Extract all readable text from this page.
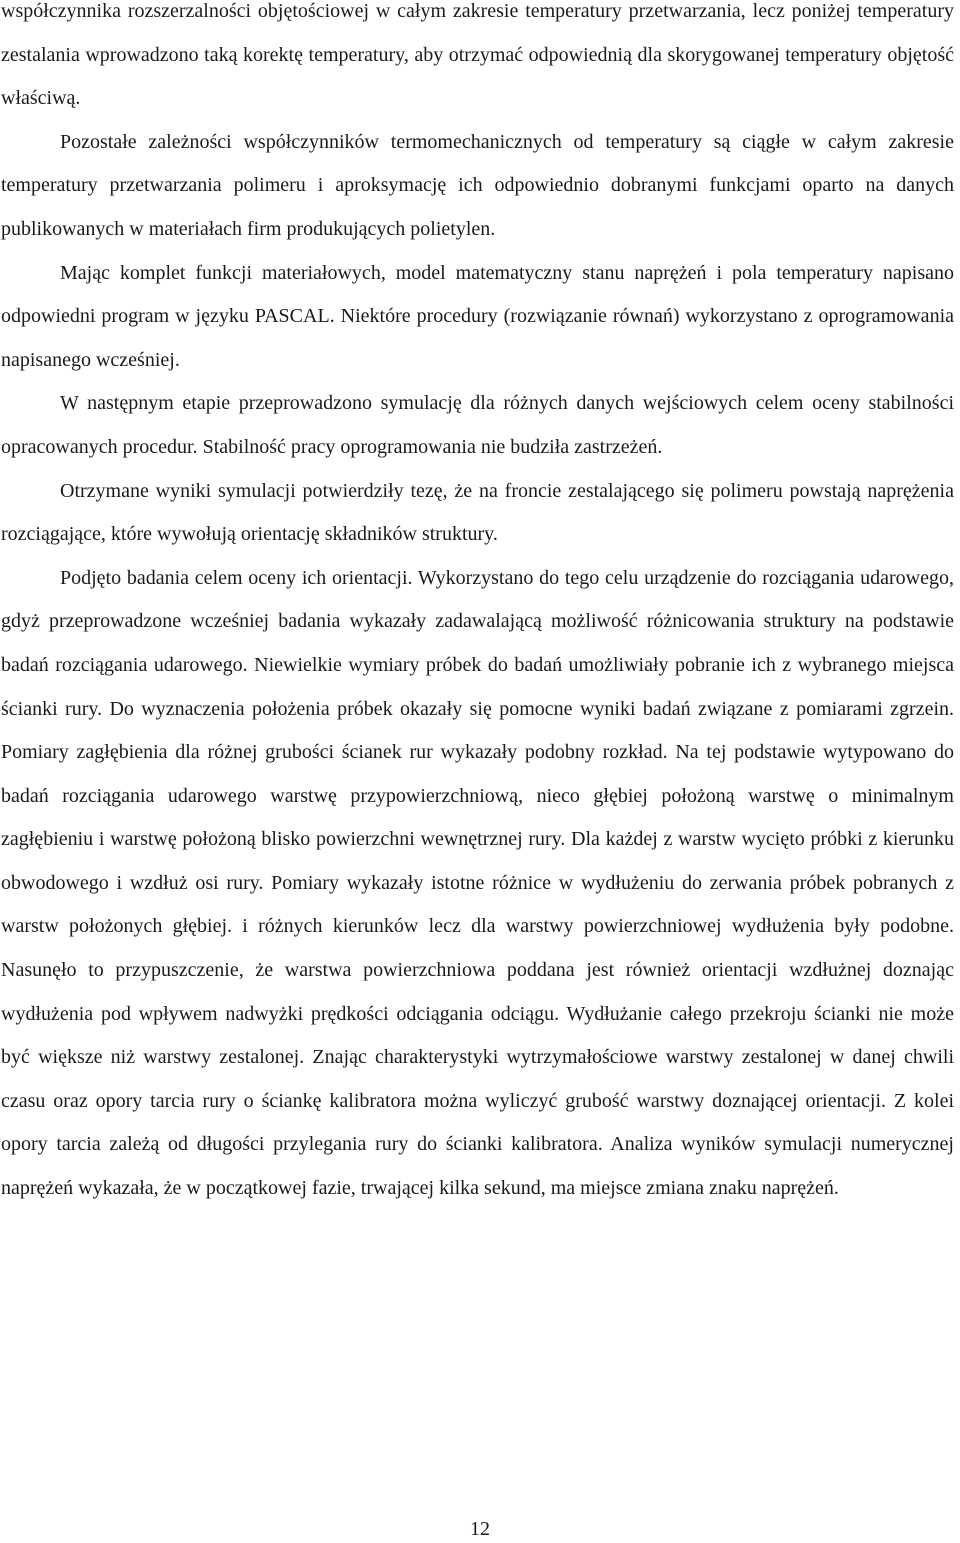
współczynnika rozszerzalności objętościowej w całym zakresie temperatury przetwarzania, lecz poniżej temperatury zestalania wprowadzono taką korektę temperatury, aby otrzymać odpowiednią dla skorygowanej temperatury objętość właściwą.

Pozostałe zależności współczynników termomechanicznych od temperatury są ciągłe w całym zakresie temperatury przetwarzania polimeru i aproksymację ich odpowiednio dobranymi funkcjami oparto na danych publikowanych w materiałach firm produkujących polietylen.

Mając komplet funkcji materiałowych, model matematyczny stanu naprężeń i pola temperatury napisano odpowiedni program w języku PASCAL. Niektóre procedury (rozwiązanie równań) wykorzystano z oprogramowania napisanego wcześniej.

W następnym etapie przeprowadzono symulację dla różnych danych wejściowych celem oceny stabilności opracowanych procedur. Stabilność pracy oprogramowania nie budziła zastrzeżeń.

Otrzymane wyniki symulacji potwierdziły tezę, że na froncie zestalającego się polimeru powstają naprężenia rozciągające, które wywołują orientację składników struktury.

Podjęto badania celem oceny ich orientacji. Wykorzystano do tego celu urządzenie do rozciągania udarowego, gdyż przeprowadzone wcześniej badania wykazały zadawalającą możliwość różnicowania struktury na podstawie badań rozciągania udarowego. Niewielkie wymiary próbek do badań umożliwiały pobranie ich z wybranego miejsca ścianki rury. Do wyznaczenia położenia próbek okazały się pomocne wyniki badań związane z pomiarami zgrzein. Pomiary zagłębienia dla różnej grubości ścianek rur wykazały podobny rozkład. Na tej podstawie wytypowano do badań rozciągania udarowego warstwę przypowierzchniową, nieco głębiej położoną warstwę o minimalnym zagłębieniu i warstwę położoną blisko powierzchni wewnętrznej rury. Dla każdej z warstw wycięto próbki z kierunku obwodowego i wzdłuż osi rury. Pomiary wykazały istotne różnice w wydłużeniu do zerwania próbek pobranych z warstw położonych głębiej. i różnych kierunków lecz dla warstwy powierzchniowej wydłużenia były podobne. Nasunęło to przypuszczenie, że warstwa powierzchniowa poddana jest również orientacji wzdłużnej doznając wydłużenia pod wpływem nadwyżki prędkości odciągania odciągu. Wydłużanie całego przekroju ścianki nie może być większe niż warstwy zestalonej. Znając charakterystyki wytrzymałościowe warstwy zestalonej w danej chwili czasu oraz opory tarcia rury o ściankę kalibratora można wyliczyć grubość warstwy doznającej orientacji. Z kolei opory tarcia zależą od długości przylegania rury do ścianki kalibratora. Analiza wyników symulacji numerycznej naprężeń wykazała, że w początkowej fazie, trwającej kilka sekund, ma miejsce zmiana znaku naprężeń.

12
